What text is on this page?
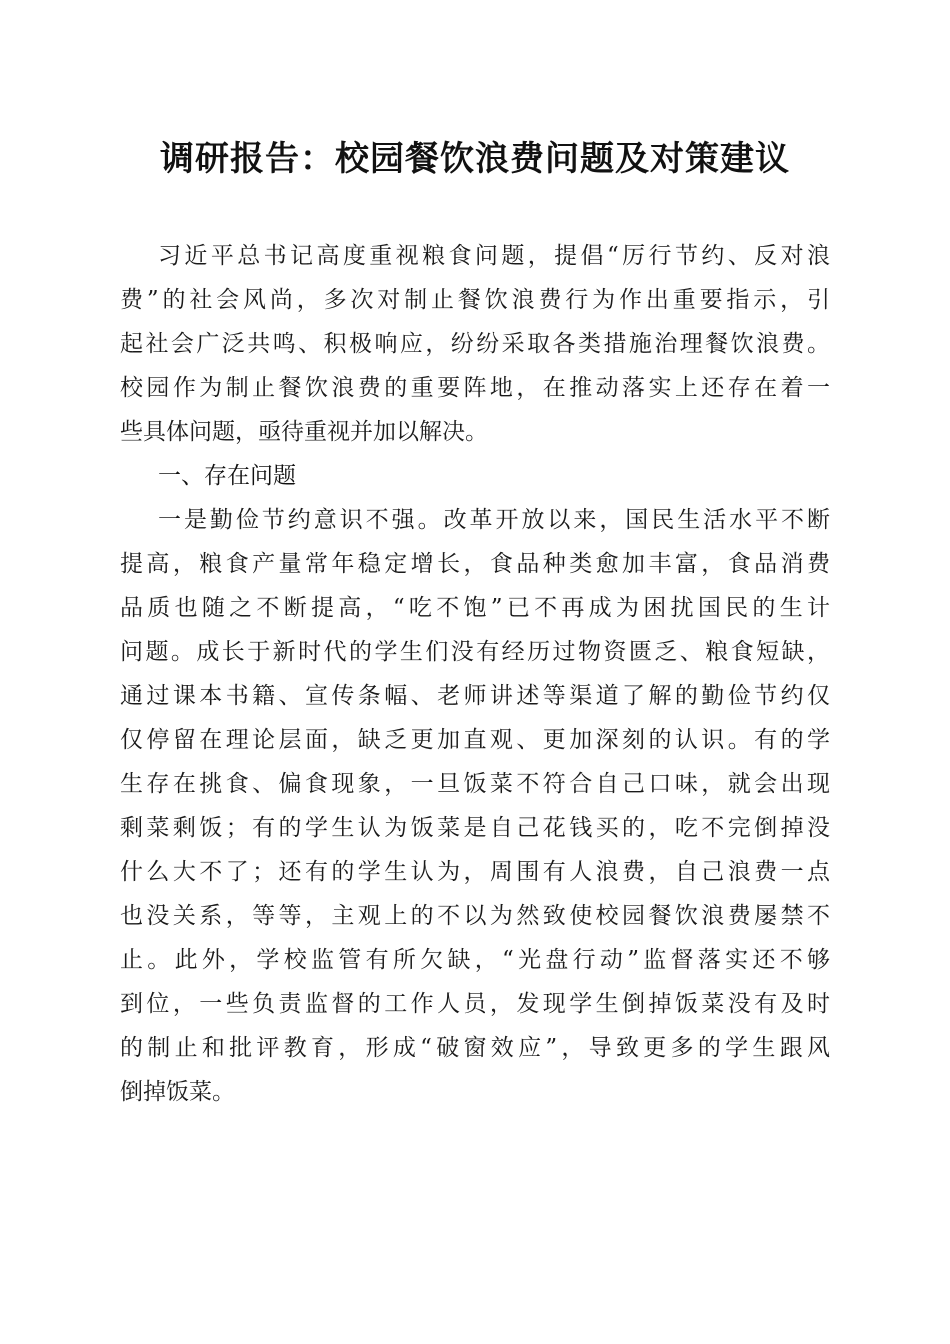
调研报告：校园餐饮浪费问题及对策建议
习近平总书记高度重视粮食问题，提倡“厉行节约、反对浪
费”的社会风尚，多次对制止餐饮浪费行为作出重要指示，引
起社会广泛共鸣、积极响应，纷纷采取各类措施治理餐饮浪费。
校园作为制止餐饮浪费的重要阵地，在推动落实上还存在着一
些具体问题，亟待重视并加以解决。
一、存在问题
一是勤俭节约意识不强。改革开放以来，国民生活水平不断
提高，粮食产量常年稳定增长，食品种类愈加丰富，食品消费
品质也随之不断提高，“吃不饱”已不再成为困扰国民的生计
问题。成长于新时代的学生们没有经历过物资匮乏、粮食短缺，
通过课本书籍、宣传条幅、老师讲述等渠道了解的勤俭节约仅
仅停留在理论层面，缺乏更加直观、更加深刻的认识。有的学
生存在挑食、偏食现象，一旦饭菜不符合自己口味，就会出现
剩菜剩饭；有的学生认为饭菜是自己花钱买的，吃不完倒掉没
什么大不了；还有的学生认为，周围有人浪费，自己浪费一点
也没关系，等等，主观上的不以为然致使校园餐饮浪费屡禁不
止。此外，学校监管有所欠缺，“光盘行动”监督落实还不够
到位，一些负责监督的工作人员，发现学生倒掉饭菜没有及时
的制止和批评教育，形成“破窗效应”，导致更多的学生跟风
倒掉饭菜。
